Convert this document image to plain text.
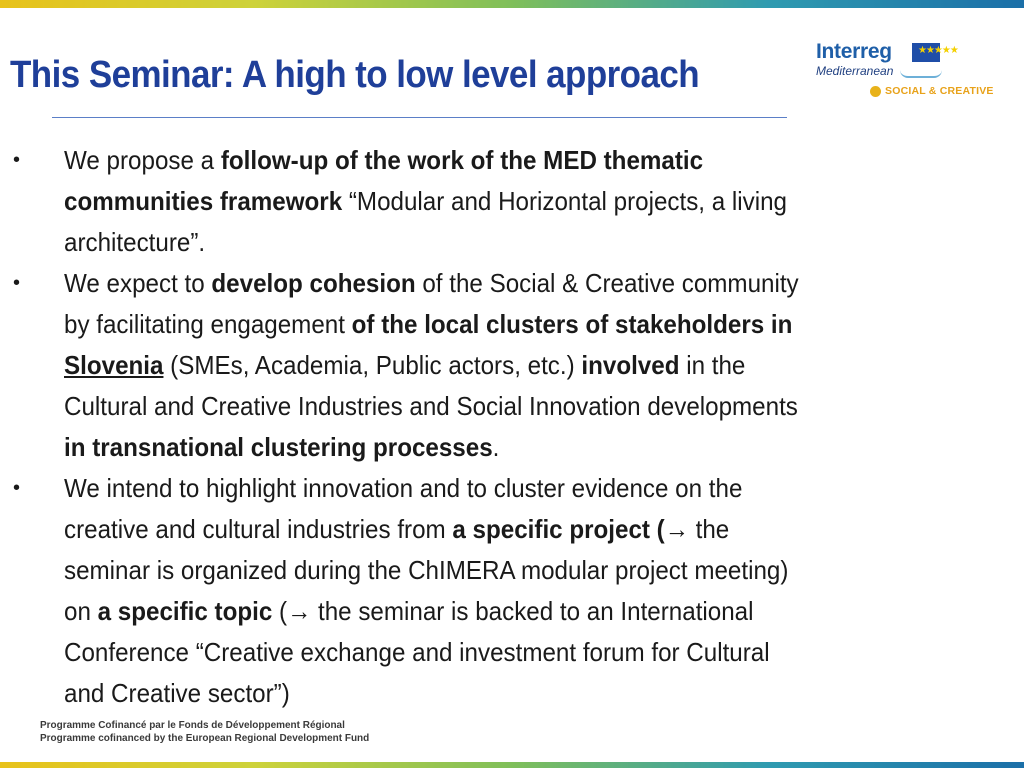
This Seminar: A high to low level approach
Interreg	★★★★★
Mediterranean
SOCIAL & CREATIVE
• We propose a follow-up of the work of the MED thematic
communities framework “Modular and Horizontal projects, a living
architecture”.
• We expect to develop cohesion of the Social & Creative community
by facilitating engagement of the local clusters of stakeholders in
Slovenia (SMEs, Academia, Public actors, etc.) involved in the
Cultural and Creative Industries and Social Innovation developments
in transnational clustering processes.
• We intend to highlight innovation and to cluster evidence on the
creative and cultural industries from a specific project (→ the
seminar is organized during the ChIMERA modular project meeting)
on a specific topic (→ the seminar is backed to an International
Conference “Creative exchange and investment forum for Cultural
and Creative sector”)
Programme Cofinancé par le Fonds de Développement Régional
Programme cofinanced by the European Regional Development Fund
